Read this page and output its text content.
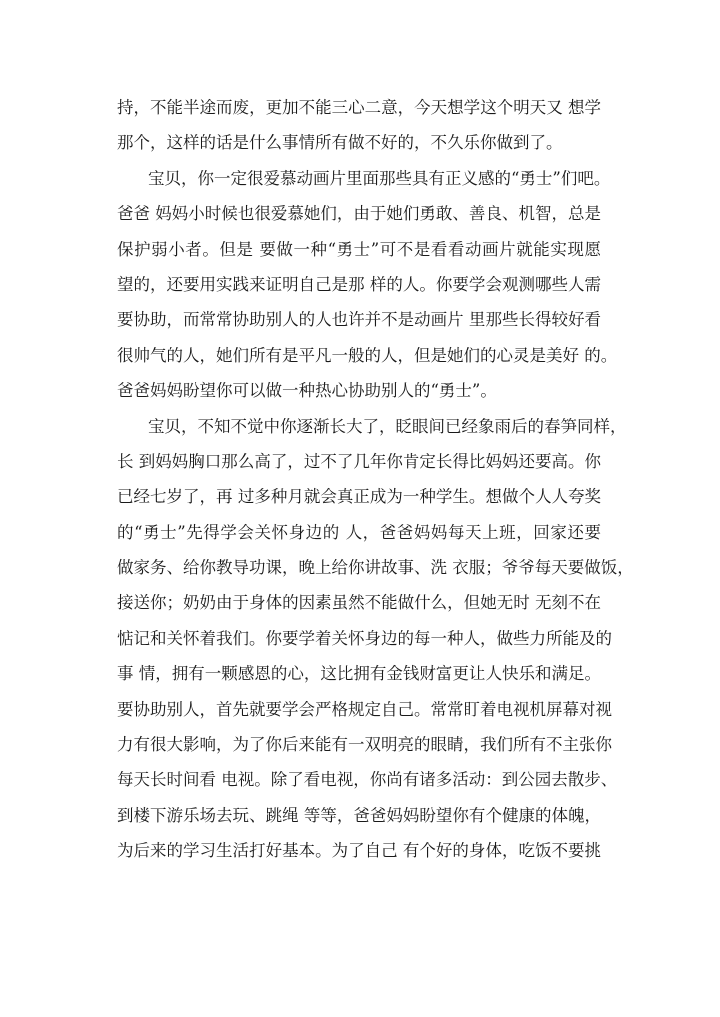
持，不能半途而废，更加不能三心二意，今天想学这个明天又 想学
那个，这样的话是什么事情所有做不好的，不久乐你做到了。
宝贝，你一定很爱慕动画片里面那些具有正义感的“勇士”们吧。
爸爸 妈妈小时候也很爱慕她们，由于她们勇敢、善良、机智，总是
保护弱小者。但是 要做一种“勇士”可不是看看动画片就能实现愿
望的，还要用实践来证明自己是那 样的人。你要学会观测哪些人需
要协助，而常常协助别人的人也许并不是动画片 里那些长得较好看
很帅气的人，她们所有是平凡一般的人，但是她们的心灵是美好 的。
爸爸妈妈盼望你可以做一种热心协助别人的“勇士”。
宝贝，不知不觉中你逐渐长大了，眨眼间已经象雨后的春笋同样，
长 到妈妈胸口那么高了，过不了几年你肯定长得比妈妈还要高。你
已经七岁了，再 过多种月就会真正成为一种学生。想做个人人夸奖
的“勇士”先得学会关怀身边的 人，爸爸妈妈每天上班，回家还要
做家务、给你教导功课，晚上给你讲故事、洗 衣服；爷爷每天要做饭，
接送你；奶奶由于身体的因素虽然不能做什么，但她无时 无刻不在
惦记和关怀着我们。你要学着关怀身边的每一种人，做些力所能及的
事 情，拥有一颗感恩的心，这比拥有金钱财富更让人快乐和满足。
要协助别人，首先就要学会严格规定自己。常常盯着电视机屏幕对视
力有很大影响，为了你后来能有一双明亮的眼睛，我们所有不主张你
每天长时间看 电视。除了看电视，你尚有诸多活动：到公园去散步、
到楼下游乐场去玩、跳绳 等等，爸爸妈妈盼望你有个健康的体魄，
为后来的学习生活打好基本。为了自己 有个好的身体，吃饭不要挑
